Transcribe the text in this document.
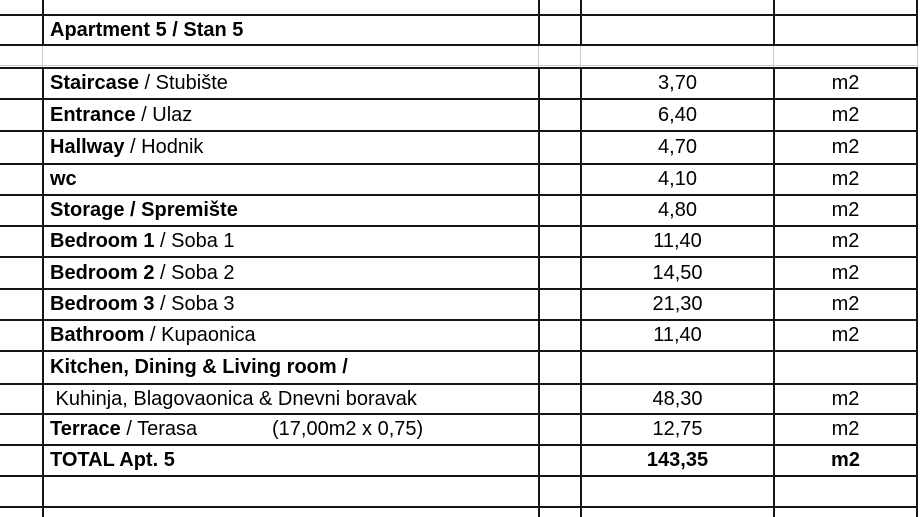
Apartment 5 / Stan 5
Staircase / Stubište	3,70	m2
Entrance / Ulaz	6,40	m2
Hallway / Hodnik	4,70	m2
wc	4,10	m2
Storage / Spremište	4,80	m2
Bedroom 1 / Soba 1	11,40	m2
Bedroom 2 / Soba 2	14,50	m2
Bedroom 3 / Soba 3	21,30	m2
Bathroom / Kupaonica	11,40	m2
Kitchen, Dining & Living room /
Kuhinja, Blagovaonica & Dnevni boravak	48,30	m2
Terrace / Terasa	(17,00m2 x 0,75)	12,75	m2
TOTAL Apt. 5	143,35	m2
